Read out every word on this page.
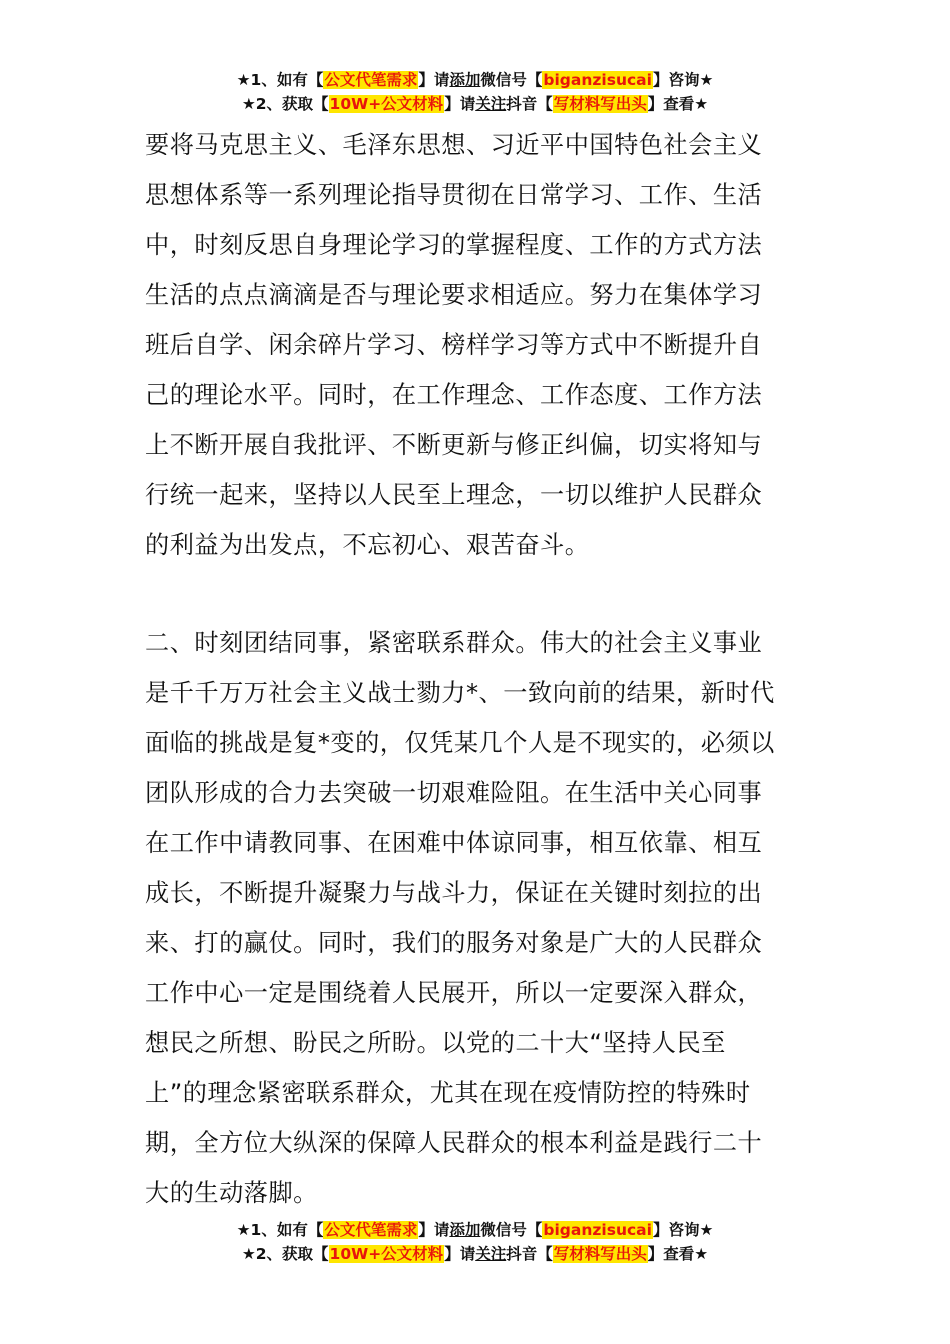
★1、如有【公文代笔需求】请添加微信号【biganzisucai】咨询★
★2、获取【10W+公文材料】请关注抖音【写材料写出头】查看★

要将马克思主义、毛泽东思想、习近平中国特色社会主义
思想体系等一系列理论指导贯彻在日常学习、工作、生活
中，时刻反思自身理论学习的掌握程度、工作的方式方法
生活的点点滴滴是否与理论要求相适应。努力在集体学习
班后自学、闲余碎片学习、榜样学习等方式中不断提升自
己的理论水平。同时，在工作理念、工作态度、工作方法
上不断开展自我批评、不断更新与修正纠偏，切实将知与
行统一起来，坚持以人民至上理念，一切以维护人民群众
的利益为出发点，不忘初心、艰苦奋斗。

二、时刻团结同事，紧密联系群众。伟大的社会主义事业
是千千万万社会主义战士勠力*、一致向前的结果，新时代
面临的挑战是复*变的，仅凭某几个人是不现实的，必须以
团队形成的合力去突破一切艰难险阻。在生活中关心同事
在工作中请教同事、在困难中体谅同事，相互依靠、相互
成长，不断提升凝聚力与战斗力，保证在关键时刻拉的出
来、打的赢仗。同时，我们的服务对象是广大的人民群众
工作中心一定是围绕着人民展开，所以一定要深入群众，
想民之所想、盼民之所盼。以党的二十大“坚持人民至
上”的理念紧密联系群众，尤其在现在疫情防控的特殊时
期，全方位大纵深的保障人民群众的根本利益是践行二十
大的生动落脚。

★1、如有【公文代笔需求】请添加微信号【biganzisucai】咨询★
★2、获取【10W+公文材料】请关注抖音【写材料写出头】查看★
